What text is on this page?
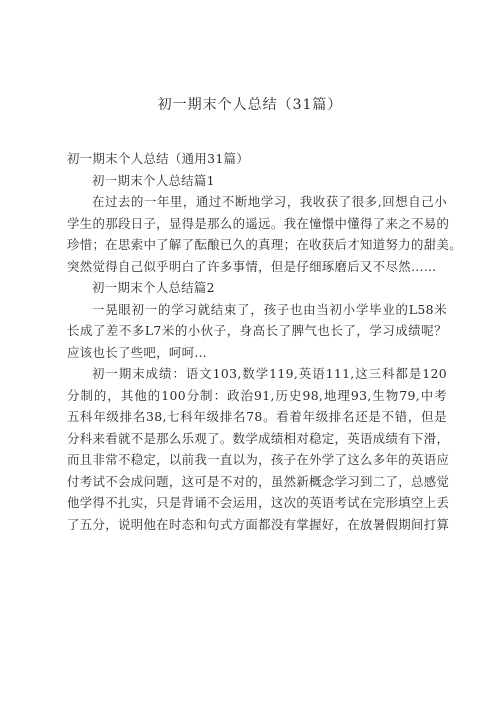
初一期末个人总结（31篇）
初一期末个人总结（通用31篇）
初一期末个人总结篇1
在过去的一年里，通过不断地学习，我收获了很多,回想自己小
学生的那段日子，显得是那么的遥远。我在憧憬中懂得了来之不易的
珍惜；在思索中了解了酝酿已久的真理；在收获后才知道努力的甜美。
突然觉得自己似乎明白了许多事情，但是仔细琢磨后又不尽然……
初一期末个人总结篇2
一晃眼初一的学习就结束了，孩子也由当初小学毕业的L58米
长成了差不多L7米的小伙子，身高长了脾气也长了，学习成绩呢？
应该也长了些吧，呵呵…
初一期末成绩：语文103,数学119,英语111,这三科都是120
分制的，其他的100分制：政治91,历史98,地理93,生物79,中考
五科年级排名38,七科年级排名78。看着年级排名还是不错，但是
分科来看就不是那么乐观了。数学成绩相对稳定，英语成绩有下滑，
而且非常不稳定，以前我一直以为，孩子在外学了这么多年的英语应
付考试不会成问题，这可是不对的，虽然新概念学习到二了，总感觉
他学得不扎实，只是背诵不会运用，这次的英语考试在完形填空上丢
了五分，说明他在时态和句式方面都没有掌握好，在放暑假期间打算
